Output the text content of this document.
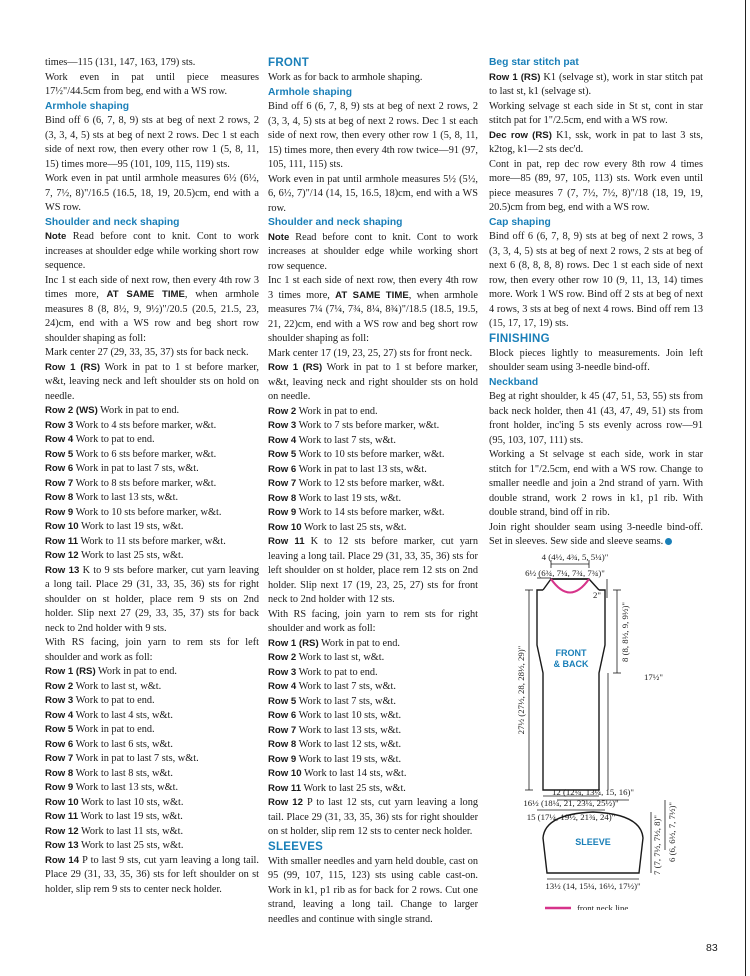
times—115 (131, 147, 163, 179) sts.

Work even in pat until piece measures 17½"/44.5cm from beg, end with a WS row.

Armhole shaping

Bind off 6 (6, 7, 8, 9) sts at beg of next 2 rows, 2 (3, 3, 4, 5) sts at beg of next 2 rows. Dec 1 st each side of next row, then every other row 1 (5, 8, 11, 15) times more—95 (101, 109, 115, 119) sts.

Work even in pat until armhole measures 6½ (6½, 7, 7½, 8)"/16.5 (16.5, 18, 19, 20.5)cm, end with a WS row.

Shoulder and neck shaping

Note Read before cont to knit. Cont to work increases at shoulder edge while working short row sequence.

Inc 1 st each side of next row, then every 4th row 3 times more, AT SAME TIME, when armhole measures 8 (8, 8½, 9, 9½)"/20.5 (20.5, 21.5, 23, 24)cm, end with a WS row and beg short row shoulder shaping as foll:

Mark center 27 (29, 33, 35, 37) sts for back neck.

Row 1 (RS) Work in pat to 1 st before marker, w&t, leaving neck and left shoulder sts on hold on needle.

Row 2 (WS) Work in pat to end.

Row 3 Work to 4 sts before marker, w&t.

Row 4 Work to pat to end.

Row 5 Work to 6 sts before marker, w&t.

Row 6 Work in pat to last 7 sts, w&t.

Row 7 Work to 8 sts before marker, w&t.

Row 8 Work to last 13 sts, w&t.

Row 9 Work to 10 sts before marker, w&t.

Row 10 Work to last 19 sts, w&t.

Row 11 Work to 11 sts before marker, w&t.

Row 12 Work to last 25 sts, w&t.

Row 13 K to 9 sts before marker, cut yarn leaving a long tail. Place 29 (31, 33, 35, 36) sts for right shoulder on st holder, place rem 9 sts on 2nd holder. Slip next 27 (29, 33, 35, 37) sts for back neck to 2nd holder with 9 sts.

With RS facing, join yarn to rem sts for left shoulder and work as foll:

Row 1 (RS) Work in pat to end.

Row 2 Work to last st, w&t.

Row 3 Work to pat to end.

Row 4 Work to last 4 sts, w&t.

Row 5 Work in pat to end.

Row 6 Work to last 6 sts, w&t.

Row 7 Work in pat to last 7 sts, w&t.

Row 8 Work to last 8 sts, w&t.

Row 9 Work to last 13 sts, w&t.

Row 10 Work to last 10 sts, w&t.

Row 11 Work to last 19 sts, w&t.

Row 12 Work to last 11 sts, w&t.

Row 13 Work to last 25 sts, w&t.

Row 14 P to last 9 sts, cut yarn leaving a long tail. Place 29 (31, 33, 35, 36) sts for left shoulder on st holder, slip rem 9 sts to center neck holder.

FRONT

Work as for back to armhole shaping.

Armhole shaping

Bind off 6 (6, 7, 8, 9) sts at beg of next 2 rows, 2 (3, 3, 4, 5) sts at beg of next 2 rows. Dec 1 st each side of next row, then every other row 1 (5, 8, 11, 15) times more, then every 4th row twice—91 (97, 105, 111, 115) sts.

Work even in pat until armhole measures 5½ (5½, 6, 6½, 7)"/14 (14, 15, 16.5, 18)cm, end with a WS row.

Shoulder and neck shaping

Note Read before cont to knit. Cont to work increases at shoulder edge while working short row sequence.

Inc 1 st each side of next row, then every 4th row 3 times more, AT SAME TIME, when armhole measures 7¼ (7¼, 7¾, 8¼, 8¾)"/18.5 (18.5, 19.5, 21, 22)cm, end with a WS row and beg short row shoulder shaping as foll:

Mark center 17 (19, 23, 25, 27) sts for front neck.

Row 1 (RS) Work in pat to 1 st before marker, w&t, leaving neck and right shoulder sts on hold on needle.

Row 2 Work in pat to end.

Row 3 Work to 7 sts before marker, w&t.

Row 4 Work to last 7 sts, w&t.

Row 5 Work to 10 sts before marker, w&t.

Row 6 Work in pat to last 13 sts, w&t.

Row 7 Work to 12 sts before marker, w&t.

Row 8 Work to last 19 sts, w&t.

Row 9 Work to 14 sts before marker, w&t.

Row 10 Work to last 25 sts, w&t.

Row 11 K to 12 sts before marker, cut yarn leaving a long tail. Place 29 (31, 33, 35, 36) sts for left shoulder on st holder, place rem 12 sts on 2nd holder. Slip next 17 (19, 23, 25, 27) sts for front neck to 2nd holder with 12 sts.

With RS facing, join yarn to rem sts for right shoulder and work as foll:

Row 1 (RS) Work in pat to end.

Row 2 Work to last st, w&t.

Row 3 Work to pat to end.

Row 4 Work to last 7 sts, w&t.

Row 5 Work to last 7 sts, w&t.

Row 6 Work to last 10 sts, w&t.

Row 7 Work to last 13 sts, w&t.

Row 8 Work to last 12 sts, w&t.

Row 9 Work to last 19 sts, w&t.

Row 10 Work to last 14 sts, w&t.

Row 11 Work to last 25 sts, w&t.

Row 12 P to last 12 sts, cut yarn leaving a long tail. Place 29 (31, 33, 35, 36) sts for right shoulder on st holder, slip rem 12 sts to center neck holder.

SLEEVES

With smaller needles and yarn held double, cast on 95 (99, 107, 115, 123) sts using cable cast-on. Work in k1, p1 rib as for back for 2 rows. Cut one strand, leaving a long tail. Change to larger needles and continue with single strand.

Beg star stitch pat

Row 1 (RS) K1 (selvage st), work in star stitch pat to last st, k1 (selvage st).

Working selvage st each side in St st, cont in star stitch pat for 1"/2.5cm, end with a WS row.

Dec row (RS) K1, ssk, work in pat to last 3 sts, k2tog, k1—2 sts dec'd.

Cont in pat, rep dec row every 8th row 4 times more—85 (89, 97, 105, 113) sts. Work even until piece measures 7 (7, 7½, 7½, 8)"/18 (18, 19, 19, 20.5)cm from beg, end with a WS row.

Cap shaping

Bind off 6 (6, 7, 8, 9) sts at beg of next 2 rows, 3 (3, 3, 4, 5) sts at beg of next 2 rows, 2 sts at beg of next 6 (8, 8, 8, 8) rows. Dec 1 st each side of next row, then every other row 10 (9, 11, 13, 14) times more. Work 1 WS row. Bind off 2 sts at beg of next 4 rows, 3 sts at beg of next 4 rows. Bind off rem 13 (15, 17, 17, 19) sts.

FINISHING

Block pieces lightly to measurements. Join left shoulder seam using 3-needle bind-off.

Neckband

Beg at right shoulder, k 45 (47, 51, 53, 55) sts from back neck holder, then 41 (43, 47, 49, 51) sts from front holder, inc'ing 5 sts evenly across row—91 (95, 103, 107, 111) sts.

Working a St selvage st each side, work in star stitch for 1"/2.5cm, end with a WS row. Change to smaller needle and join a 2nd strand of yarn. With double strand, work 2 rows in k1, p1 rib. With double strand, bind off in rib.

Join right shoulder seam using 3-needle bind-off. Set in sleeves. Sew side and sleeve seams.

4 (4½, 4¾, 5, 5¼)"
6½ (6¾, 7¼, 7¾, 7¾)"
2"
8 (8, 8½, 9, 9½)"
27½ (27½, 28, 28½, 29)"	17½"
FRONT
& BACK
16½ (18¼, 21, 23¼, 25½)"
15 (17¼, 19½, 21¾, 24)"
12 (12¼, 13¼, 15, 16)"
SLEEVE	7 (7, 7½, 7½, 8)" 6 (6, 6½, 7, 7½)"
13½ (14, 15¼, 16½, 17½)"
front neck line
83
